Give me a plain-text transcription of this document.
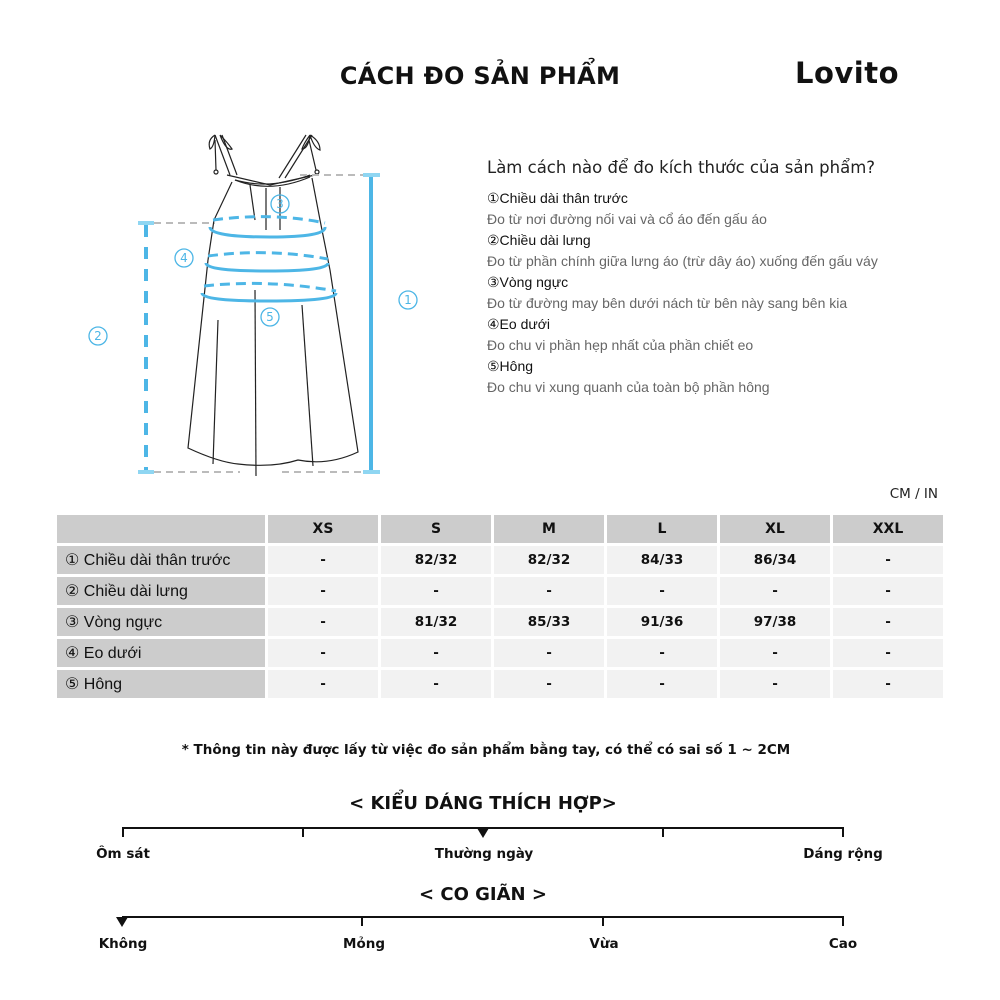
CÁCH ĐO SẢN PHẨM	Lovito
3
4
5
1
2
Làm cách nào để đo kích thước của sản phẩm?
①Chiều dài thân trước
Đo từ nơi đường nối vai và cổ áo đến gấu áo
②Chiều dài lưng
Đo từ phần chính giữa lưng áo (trừ dây áo) xuống đến gấu váy
③Vòng ngực
Đo từ đường may bên dưới nách từ bên này sang bên kia
④Eo dưới
Đo chu vi phần hẹp nhất của phần chiết eo
⑤Hông
Đo chu vi xung quanh của toàn bộ phần hông
CM / IN
	XS	S	M	L	XL	XXL
① Chiều dài thân trước	-	82/32	82/32	84/33	86/34	-
② Chiều dài lưng	-	-	-	-	-	-
③ Vòng ngực	-	81/32	85/33	91/36	97/38	-
④ Eo dưới	-	-	-	-	-	-
⑤ Hông	-	-	-	-	-	-
* Thông tin này được lấy từ việc đo sản phẩm bằng tay, có thể có sai số 1 ~ 2CM
< KIỂU DÁNG THÍCH HỢP>
Ôm sát	Thường ngày	Dáng rộng
< CO GIÃN >
Không	Mỏng	Vừa	Cao
